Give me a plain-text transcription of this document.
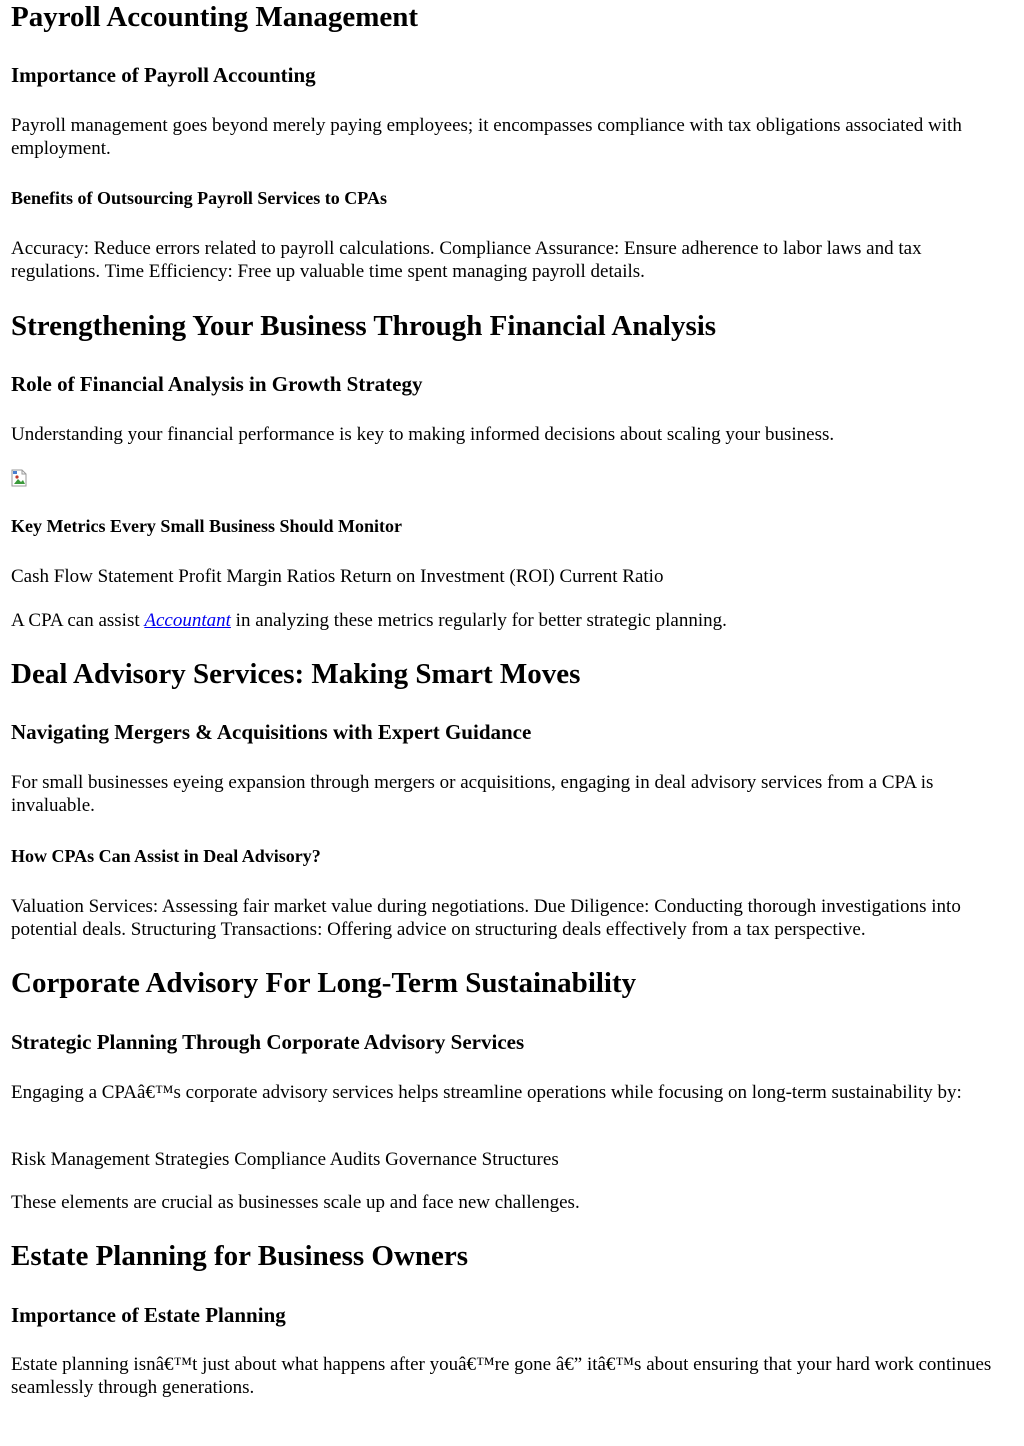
Payroll Accounting Management
Importance of Payroll Accounting

Payroll management goes beyond merely paying employees; it encompasses compliance with tax obligations associated with employment.

Benefits of Outsourcing Payroll Services to CPAs

Accuracy: Reduce errors related to payroll calculations. Compliance Assurance: Ensure adherence to labor laws and tax regulations. Time Efficiency: Free up valuable time spent managing payroll details.

Strengthening Your Business Through Financial Analysis
Role of Financial Analysis in Growth Strategy

Understanding your financial performance is key to making informed decisions about scaling your business.

Key Metrics Every Small Business Should Monitor

Cash Flow Statement Profit Margin Ratios Return on Investment (ROI) Current Ratio

A CPA can assist Accountant in analyzing these metrics regularly for better strategic planning.

Deal Advisory Services: Making Smart Moves
Navigating Mergers & Acquisitions with Expert Guidance

For small businesses eyeing expansion through mergers or acquisitions, engaging in deal advisory services from a CPA is invaluable.

How CPAs Can Assist in Deal Advisory?

Valuation Services: Assessing fair market value during negotiations. Due Diligence: Conducting thorough investigations into potential deals. Structuring Transactions: Offering advice on structuring deals effectively from a tax perspective.

Corporate Advisory For Long-Term Sustainability
Strategic Planning Through Corporate Advisory Services

Engaging a CPAâ€™s corporate advisory services helps streamline operations while focusing on long-term sustainability by:

Risk Management Strategies Compliance Audits Governance Structures

These elements are crucial as businesses scale up and face new challenges.

Estate Planning for Business Owners
Importance of Estate Planning

Estate planning isnâ€™t just about what happens after youâ€™re gone â€” itâ€™s about ensuring that your hard work continues seamlessly through generations.
